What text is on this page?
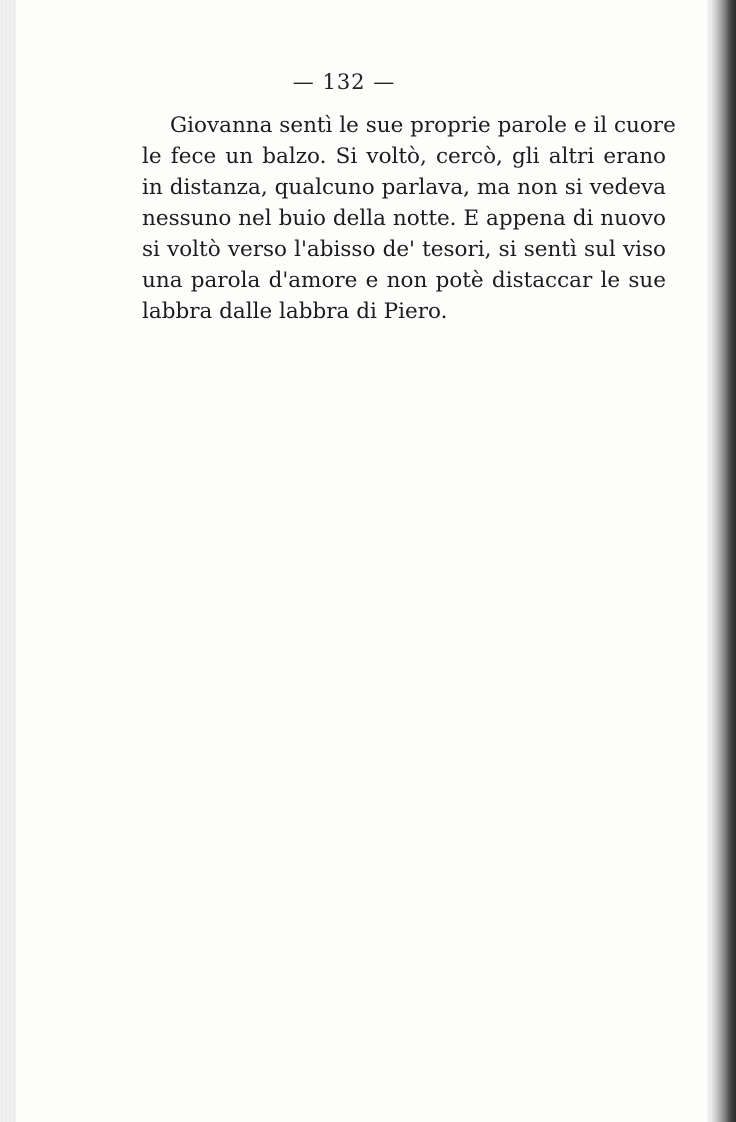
— 132 —
Giovanna sentì le sue proprie parole e il cuore
le fece un balzo. Si voltò, cercò, gli altri erano
in distanza, qualcuno parlava, ma non si vedeva
nessuno nel buio della notte. E appena di nuovo
si voltò verso l'abisso de' tesori, si sentì sul viso
una parola d'amore e non potè distaccar le sue
labbra dalle labbra di Piero.
